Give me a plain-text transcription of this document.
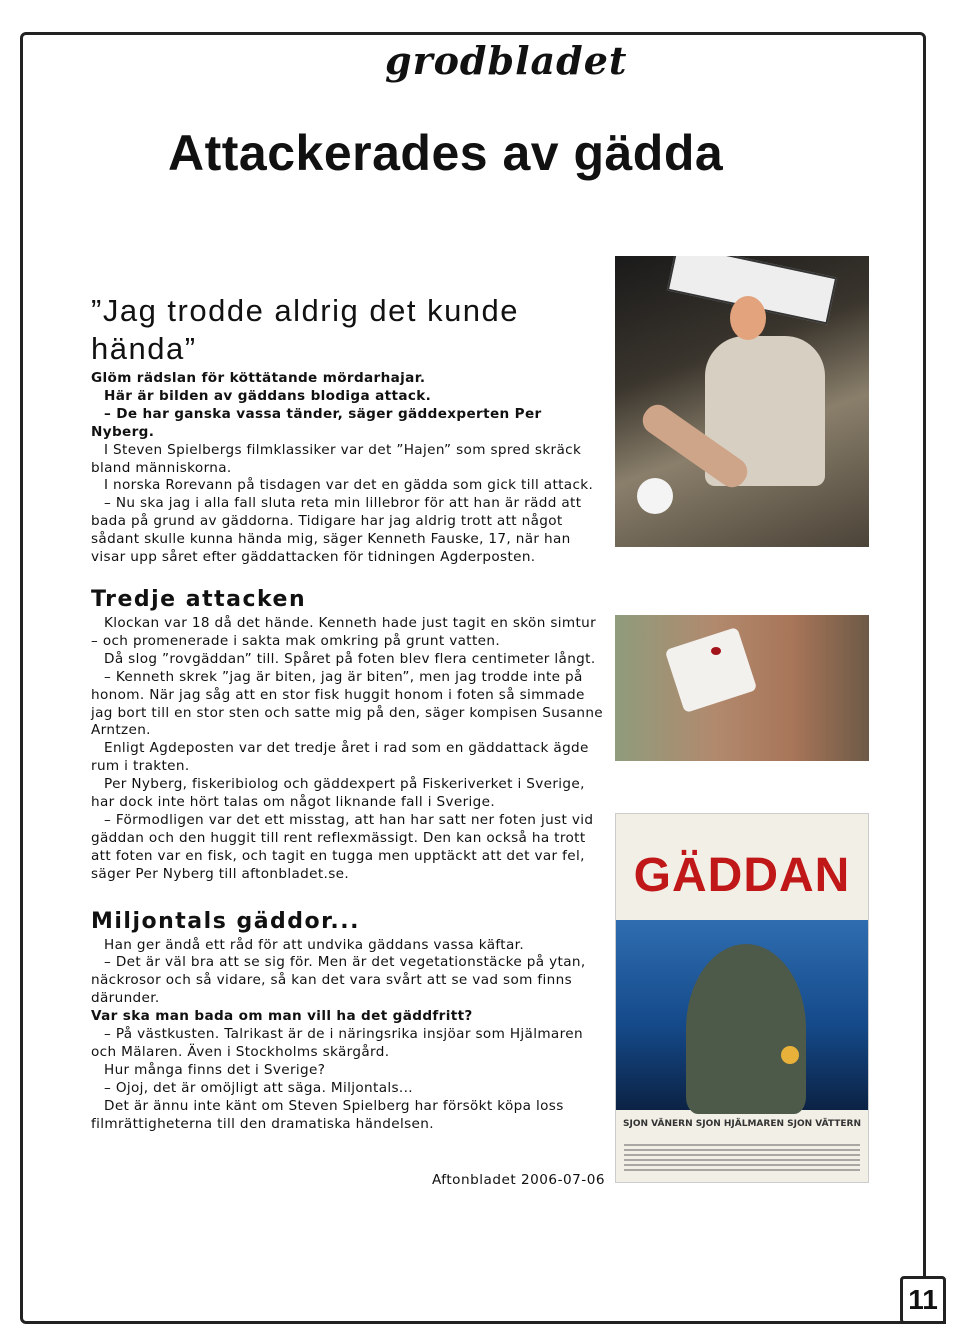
grodbladet
Attackerades av gädda
”Jag trodde aldrig det kunde hända”

Glöm rädslan för köttätande mördarhajar.

Här är bilden av gäddans blodiga attack.

– De har ganska vassa tänder, säger gäddexperten Per Nyberg.

I Steven Spielbergs filmklassiker var det ”Hajen” som spred skräck bland människorna.

I norska Rorevann på tisdagen var det en gädda som gick till attack.

– Nu ska jag i alla fall sluta reta min lillebror för att han är rädd att bada på grund av gäddorna. Tidigare har jag aldrig trott att något sådant skulle kunna hända mig, säger Kenneth Fauske, 17, när han visar upp såret efter gäddattacken för tidningen Agderposten.

Tredje attacken

Klockan var 18 då det hände. Kenneth hade just tagit en skön simtur – och promenerade i sakta mak omkring på grunt vatten.

Då slog ”rovgäddan” till. Spåret på foten blev flera centimeter långt.

– Kenneth skrek ”jag är biten, jag är biten”, men jag trodde inte på honom. När jag såg att en stor fisk huggit honom i foten så simmade jag bort till en stor sten och satte mig på den, säger kompisen Susanne Arntzen.

Enligt Agdeposten var det tredje året i rad som en gäddattack ägde rum i trakten.

Per Nyberg, fiskeribiolog och gäddexpert på Fiskeriverket i Sverige, har dock inte hört talas om något liknande fall i Sverige.

– Förmodligen var det ett misstag, att han har satt ner foten just vid gäddan och den huggit till rent reflexmässigt. Den kan också ha trott att foten var en fisk, och tagit en tugga men upptäckt att det var fel, säger Per Nyberg till aftonbladet.se.

Miljontals gäddor...

Han ger ändå ett råd för att undvika gäddans vassa käftar.

– Det är väl bra att se sig för. Men är det vegetationstäcke på ytan, näckrosor och så vidare, så kan det vara svårt att se vad som finns därunder.

Var ska man bada om man vill ha det gäddfritt?

– På västkusten. Talrikast är de i näringsrika insjöar som Hjälmaren och Mälaren. Även i Stockholms skärgård.

Hur många finns det i Sverige?

– Ojoj, det är omöjligt att säga. Miljontals...

Det är ännu inte känt om Steven Spielberg har försökt köpa loss filmrättigheterna till den dramatiska händelsen.

Aftonbladet 2006-07-06
GÄDDAN
SJON VÄNERN SJON HJÄLMAREN SJON VÄTTERN
11
